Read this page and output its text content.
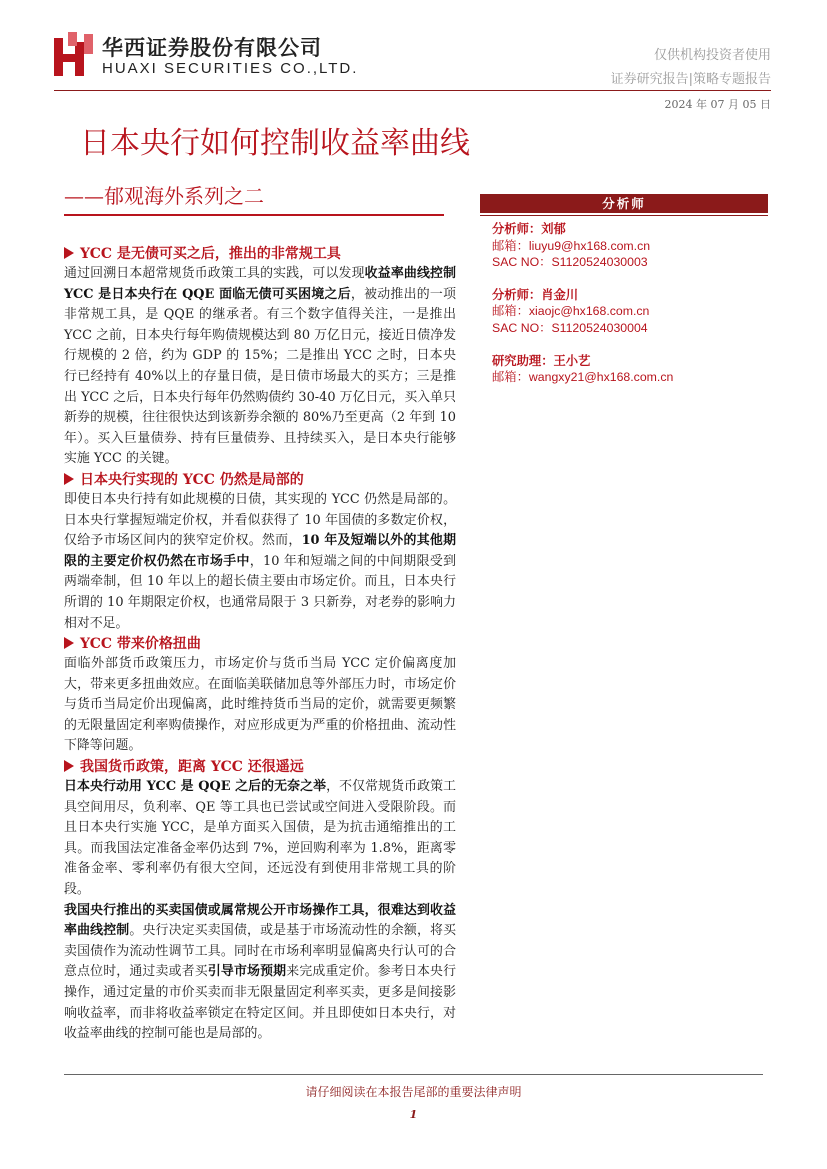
华西证券股份有限公司
HUAXI SECURITIES CO.,LTD.
仅供机构投资者使用
证券研究报告|策略专题报告
2024 年 07 月 05 日
日本央行如何控制收益率曲线
——郁观海外系列之二
YCC 是无债可买之后，推出的非常规工具

通过回溯日本超常规货币政策工具的实践，可以发现收益率曲线控制 YCC 是日本央行在 QQE 面临无债可买困境之后，被动推出的一项非常规工具，是 QQE 的继承者。有三个数字值得关注，一是推出 YCC 之前，日本央行每年购债规模达到 80 万亿日元，接近日债净发行规模的 2 倍，约为 GDP 的 15%；二是推出 YCC 之时，日本央行已经持有 40%以上的存量日债，是日债市场最大的买方；三是推出 YCC 之后，日本央行每年仍然购债约 30-40 万亿日元，买入单只新券的规模，往往很快达到该新券余额的 80%乃至更高（2 年到 10 年）。买入巨量债券、持有巨量债券、且持续买入，是日本央行能够实施 YCC 的关键。

日本央行实现的 YCC 仍然是局部的

即使日本央行持有如此规模的日债，其实现的 YCC 仍然是局部的。日本央行掌握短端定价权，并看似获得了 10 年国债的多数定价权，仅给予市场区间内的狭窄定价权。然而，10 年及短端以外的其他期限的主要定价权仍然在市场手中，10 年和短端之间的中间期限受到两端牵制，但 10 年以上的超长债主要由市场定价。而且，日本央行所谓的 10 年期限定价权，也通常局限于 3 只新券，对老券的影响力相对不足。

YCC 带来价格扭曲

面临外部货币政策压力，市场定价与货币当局 YCC 定价偏离度加大，带来更多扭曲效应。在面临美联储加息等外部压力时，市场定价与货币当局定价出现偏离，此时维持货币当局的定价，就需要更频繁的无限量固定利率购债操作，对应形成更为严重的价格扭曲、流动性下降等问题。

我国货币政策，距离 YCC 还很遥远

日本央行动用 YCC 是 QQE 之后的无奈之举，不仅常规货币政策工具空间用尽，负利率、QE 等工具也已尝试或空间进入受限阶段。而且日本央行实施 YCC，是单方面买入国债，是为抗击通缩推出的工具。而我国法定准备金率仍达到 7%，逆回购利率为 1.8%，距离零准备金率、零利率仍有很大空间，还远没有到使用非常规工具的阶段。

我国央行推出的买卖国债或属常规公开市场操作工具，很难达到收益率曲线控制。央行决定买卖国债，或是基于市场流动性的余额，将买卖国债作为流动性调节工具。同时在市场利率明显偏离央行认可的合意点位时，通过卖或者买引导市场预期来完成重定价。参考日本央行操作，通过定量的市价买卖而非无限量固定利率买卖，更多是间接影响收益率，而非将收益率锁定在特定区间。并且即使如日本央行，对收益率曲线的控制可能也是局部的。

分析师
分析师：刘郁
邮箱：liuyu9@hx168.com.cn
SAC NO：S1120524030003
分析师：肖金川
邮箱：xiaojc@hx168.com.cn
SAC NO：S1120524030004
研究助理：王小艺
邮箱：wangxy21@hx168.com.cn
请仔细阅读在本报告尾部的重要法律声明
1
